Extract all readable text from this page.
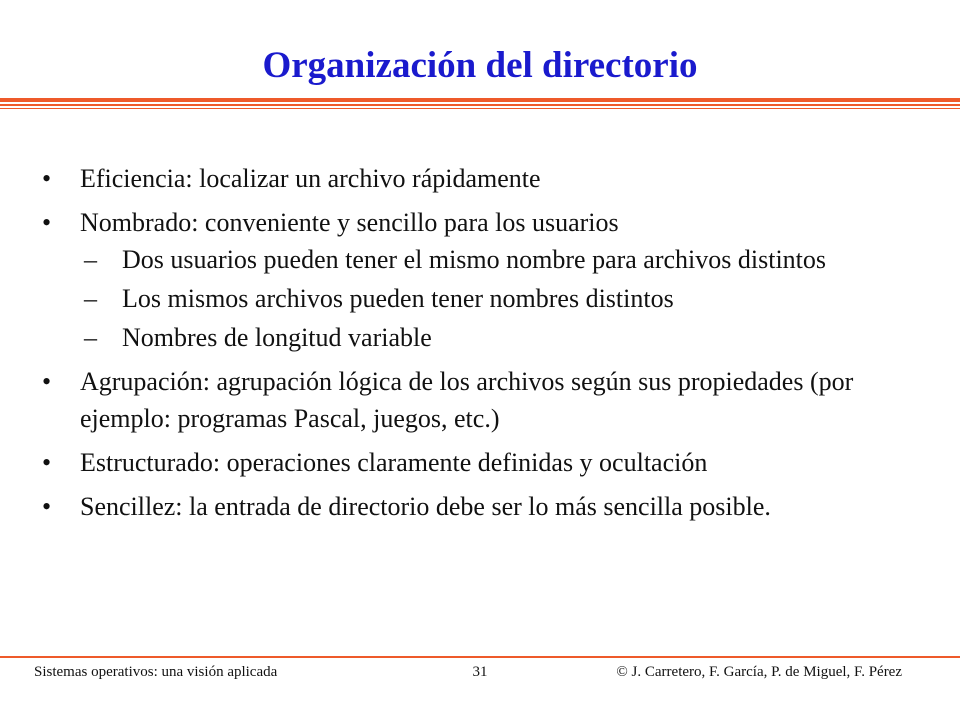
Organización del directorio
• Eficiencia: localizar un archivo rápidamente
• Nombrado: conveniente y sencillo para los usuarios
– Dos usuarios pueden tener el mismo nombre para archivos distintos
– Los mismos archivos pueden tener nombres distintos
– Nombres de longitud variable
• Agrupación: agrupación lógica de los archivos según sus propiedades (por ejemplo: programas Pascal, juegos, etc.)
• Estructurado: operaciones claramente definidas y ocultación
• Sencillez: la entrada de directorio debe ser lo más sencilla posible.
Sistemas operativos: una visión aplicada	31	© J. Carretero, F. García, P. de Miguel, F. Pérez
